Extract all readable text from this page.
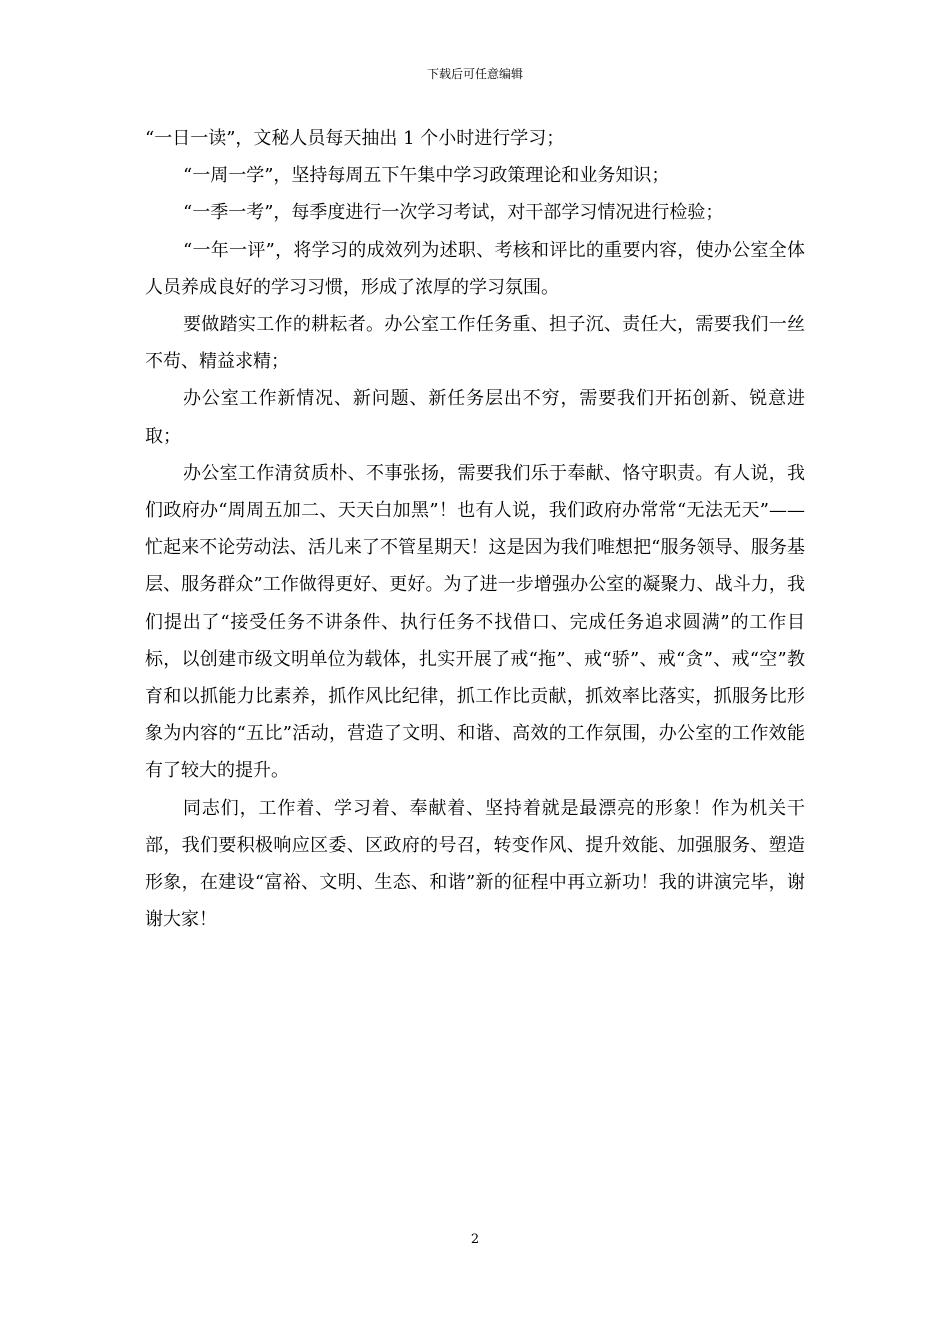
下载后可任意编辑

“一日一读”，文秘人员每天抽出 1 个小时进行学习；

“一周一学”，坚持每周五下午集中学习政策理论和业务知识；

“一季一考”，每季度进行一次学习考试，对干部学习情况进行检验；

“一年一评”，将学习的成效列为述职、考核和评比的重要内容，使办公室全体人员养成良好的学习习惯，形成了浓厚的学习氛围。

要做踏实工作的耕耘者。办公室工作任务重、担子沉、责任大，需要我们一丝不苟、精益求精；

办公室工作新情况、新问题、新任务层出不穷，需要我们开拓创新、锐意进取；

办公室工作清贫质朴、不事张扬，需要我们乐于奉献、恪守职责。有人说，我们政府办“周周五加二、天天白加黑”！也有人说，我们政府办常常“无法无天”——忙起来不论劳动法、活儿来了不管星期天！这是因为我们唯想把“服务领导、服务基层、服务群众”工作做得更好、更好。为了进一步增强办公室的凝聚力、战斗力，我们提出了“接受任务不讲条件、执行任务不找借口、完成任务追求圆满”的工作目标，以创建市级文明单位为载体，扎实开展了戒“拖”、戒“骄”、戒“贪”、戒“空”教育和以抓能力比素养，抓作风比纪律，抓工作比贡献，抓效率比落实，抓服务比形象为内容的“五比”活动，营造了文明、和谐、高效的工作氛围，办公室的工作效能有了较大的提升。

同志们，工作着、学习着、奉献着、坚持着就是最漂亮的形象！作为机关干部，我们要积极响应区委、区政府的号召，转变作风、提升效能、加强服务、塑造形象，在建设“富裕、文明、生态、和谐”新的征程中再立新功！我的讲演完毕，谢谢大家！

2
